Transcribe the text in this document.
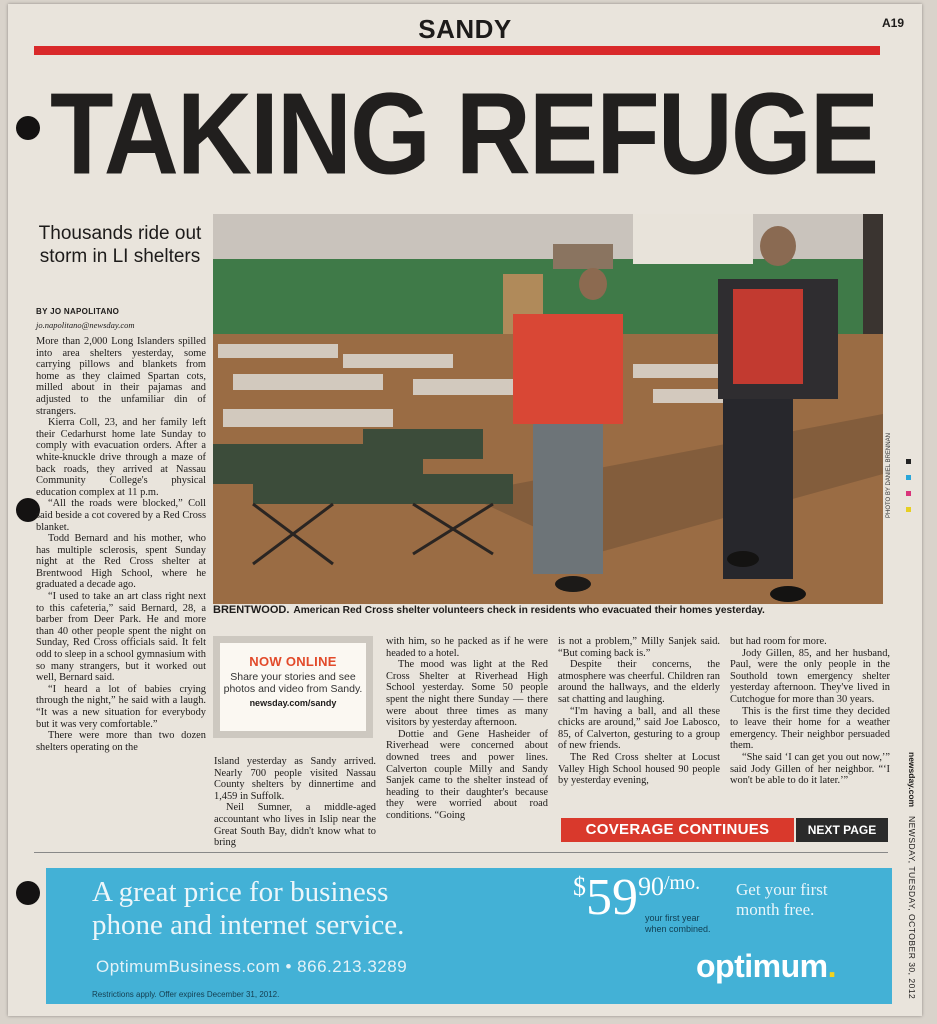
SANDY	A19
TAKING REFUGE
Thousands ride out storm in LI shelters
BY JO NAPOLITANO
jo.napolitano@newsday.com

More than 2,000 Long Islanders spilled into area shelters yesterday, some carrying pillows and blankets from home as they claimed Spartan cots, milled about in their pajamas and adjusted to the unfamiliar din of strangers.

Kierra Coll, 23, and her family left their Cedarhurst home late Sunday to comply with evacuation orders. After a white-knuckle drive through a maze of back roads, they arrived at Nassau Community College's physical education complex at 11 p.m.

“All the roads were blocked,” Coll said beside a cot covered by a Red Cross blanket.

Todd Bernard and his mother, who has multiple sclerosis, spent Sunday night at the Red Cross shelter at Brentwood High School, where he graduated a decade ago.

“I used to take an art class right next to this cafeteria,” said Bernard, 28, a barber from Deer Park. He and more than 40 other people spent the night on Sunday, Red Cross officials said. It felt odd to sleep in a school gymnasium with so many strangers, but it worked out well, Bernard said.

“I heard a lot of babies crying through the night,” he said with a laugh. “It was a new situation for everybody but it was very comfortable.”

There were more than two dozen shelters operating on the

PHOTO BY DANIEL BRENNAN
BRENTWOOD. American Red Cross shelter volunteers check in residents who evacuated their homes yesterday.
NOW ONLINE
Share your stories and see photos and video from Sandy.
newsday.com/sandy

Island yesterday as Sandy arrived. Nearly 700 people visited Nassau County shelters by dinnertime and 1,459 in Suffolk.

Neil Sumner, a middle-aged accountant who lives in Islip near the Great South Bay, didn't know what to bring

with him, so he packed as if he were headed to a hotel.

The mood was light at the Red Cross Shelter at Riverhead High School yesterday. Some 50 people spent the night there Sunday — there were about three times as many visitors by yesterday afternoon.

Dottie and Gene Hasheider of Riverhead were concerned about downed trees and power lines. Calverton couple Milly and Sandy Sanjek came to the shelter instead of heading to their daughter's because they were worried about road conditions. “Going

is not a problem,” Milly Sanjek said. “But coming back is.”

Despite their concerns, the atmosphere was cheerful. Children ran around the hallways, and the elderly sat chatting and laughing.

“I'm having a ball, and all these chicks are around,” said Joe Labosco, 85, of Calverton, gesturing to a group of new friends.

The Red Cross shelter at Locust Valley High School housed 90 people by yesterday evening,

but had room for more.

Jody Gillen, 85, and her husband, Paul, were the only people in the Southold town emergency shelter yesterday afternoon. They've lived in Cutchogue for more than 30 years.

This is the first time they decided to leave their home for a weather emergency. Their neighbor persuaded them.

“She said ‘I can get you out now,’” said Jody Gillen of her neighbor. “‘I won't be able to do it later.’”

COVERAGE CONTINUES	NEXT PAGE
A great price for business
phone and internet service.
$5990/mo.
your first year
when combined.
Get your first
month free.
OptimumBusiness.com • 866.213.3289	optimum.
Restrictions apply. Offer expires December 31, 2012.
newsday.com
NEWSDAY, TUESDAY, OCTOBER 30, 2012
